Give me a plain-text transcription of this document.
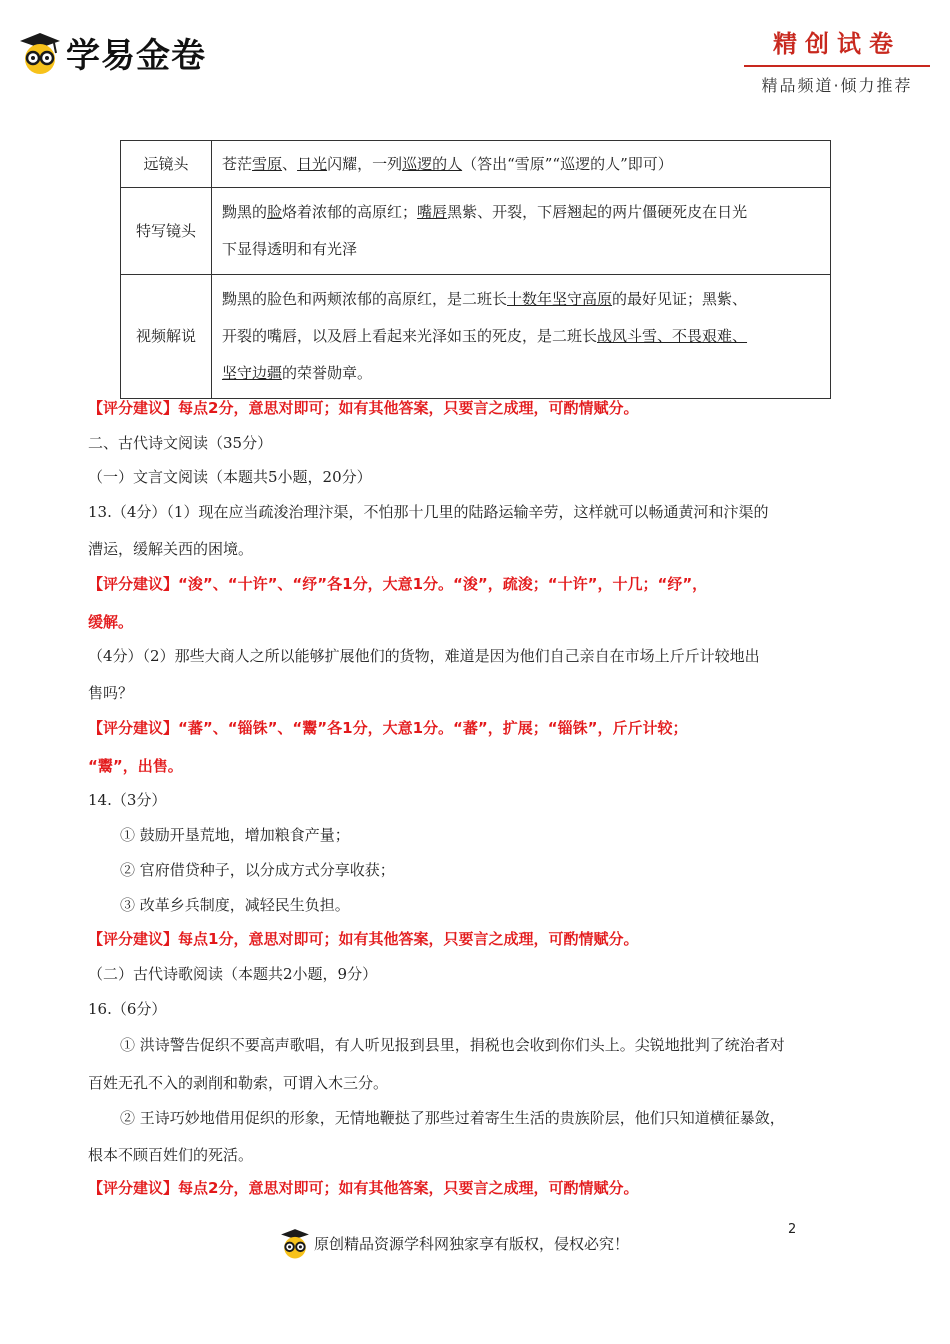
学易金卷	精创试卷
精品频道·倾力推荐
远镜头	苍茫雪原、日光闪耀，一列巡逻的人（答出“雪原”“巡逻的人”即可）
特写镜头	黝黑的脸烙着浓郁的高原红；嘴唇黑紫、开裂，下唇翘起的两片僵硬死皮在日光
下显得透明和有光泽
视频解说	黝黑的脸色和两颊浓郁的高原红，是二班长十数年坚守高原的最好见证；黑紫、
开裂的嘴唇，以及唇上看起来光泽如玉的死皮，是二班长战风斗雪、不畏艰难、
坚守边疆的荣誉勋章。
【评分建议】每点2分，意思对即可；如有其他答案，只要言之成理，可酌情赋分。
二、古代诗文阅读（35分）
（一）文言文阅读（本题共5小题，20分）
13.（4分）（1）现在应当疏浚治理汴渠，不怕那十几里的陆路运输辛劳，这样就可以畅通黄河和汴渠的
漕运，缓解关西的困境。
【评分建议】“浚”、“十许”、“纾”各1分，大意1分。“浚”，疏浚；“十许”，十几；“纾”，
缓解。
（4分）（2）那些大商人之所以能够扩展他们的货物，难道是因为他们自己亲自在市场上斤斤计较地出
售吗？
【评分建议】“蕃”、“锱铢”、“鬻”各1分，大意1分。“蕃”，扩展；“锱铢”，斤斤计较；
“鬻”，出售。
14.（3分）
① 鼓励开垦荒地，增加粮食产量；
② 官府借贷种子，以分成方式分享收获；
③ 改革乡兵制度，减轻民生负担。
【评分建议】每点1分，意思对即可；如有其他答案，只要言之成理，可酌情赋分。
（二）古代诗歌阅读（本题共2小题，9分）
16.（6分）
① 洪诗警告促织不要高声歌唱，有人听见报到县里，捐税也会收到你们头上。尖锐地批判了统治者对
百姓无孔不入的剥削和勒索，可谓入木三分。
② 王诗巧妙地借用促织的形象，无情地鞭挞了那些过着寄生生活的贵族阶层，他们只知道横征暴敛，
根本不顾百姓们的死活。
【评分建议】每点2分，意思对即可；如有其他答案，只要言之成理，可酌情赋分。
原创精品资源学科网独家享有版权，侵权必究！
2
